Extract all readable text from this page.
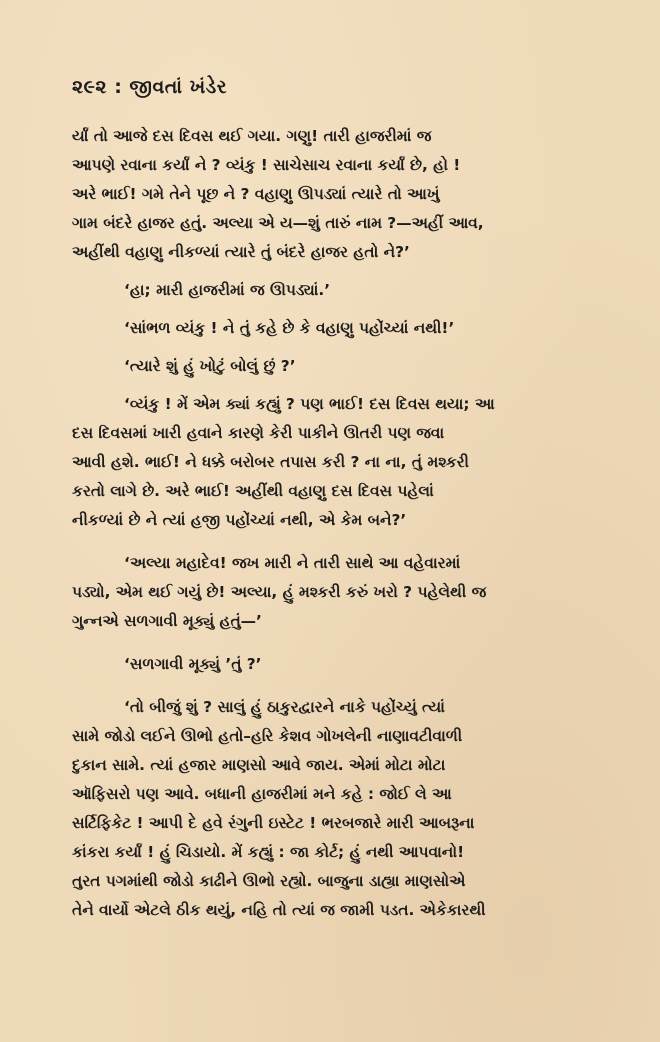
૨૯૨ : જીવતાં ખંડેર
ર્યાં તો આજે દસ દિવસ થઈ ગયા. ગણુ! તારી હાજરીમાં જ
આપણે રવાના કર્યાં ને ? વ્યંકુ ! સાચેસાચ રવાના કર્યાં છે, હો !
અરે ભાઈ! ગમે તેને પૂછ ને ? વહાણુ ઊપડ્યાં ત્યારે તો આખું
ગામ બંદરે હાજર હતું. અલ્યા એ ય—શું તારું નામ ?—અહીં આવ,
અહીંથી વહાણુ નીકળ્યાં ત્યારે તું બંદરે હાજર હતો ને?’
‘હા; મારી હાજરીમાં જ ઊપડ્યાં.’
‘સાંભળ વ્યંકુ ! ને તું કહે છે કે વહાણુ પહોંચ્યાં નથી!’
‘ત્યારે શું હું ખોટું બોલું છું ?’
‘વ્યંકુ ! મેં એમ ક્યાં કહ્યું ? પણ ભાઈ! દસ દિવસ થયા; આ
દસ દિવસમાં ખારી હવાને કારણે કેરી પાકીને ઊતરી પણ જવા
આવી હશે. ભાઈ! ને ધક્કે બરોબર તપાસ કરી ? ના ના, તું મશ્કરી
કરતો લાગે છે. અરે ભાઈ! અહીંથી વહાણુ દસ દિવસ પહેલાં
નીકળ્યાં છે ને ત્યાં હજી પહોંચ્યાં નથી, એ કેમ બને?’
‘અલ્યા મહાદેવ! જખ મારી ને તારી સાથે આ વહેવારમાં
પડ્યો, એમ થઈ ગયું છે! અલ્યા, હું મશ્કરી કરું ખરો ? પહેલેથી જ
ગુન્નએ સળગાવી મૂક્યું હતું—’
‘સળગાવી મૂક્યું ’તું ?’
‘તો બીજું શું ? સાલું હું ઠાકુરદ્વારને નાકે પહોંચ્યું ત્યાં
સામે જોડો લઈને ઊભો હતો–હરિ કેશવ ગોખલેની નાણાવટીવાળી
દુકાન સામે. ત્યાં હજાર માણસો આવે જાય. એમાં મોટા મોટા
ઑફિસરો પણ આવે. બધાની હાજરીમાં મને કહે : જોઈ લે આ
સર્ટિફિકેટ ! આપી દે હવે રંગુની ઇસ્ટેટ ! ભરબજારે મારી આબરૂના
કાંકરા કર્યાં ! હું ચિડાયો. મેં કહ્યું : જા કોર્ટ; હું નથી આપવાનો!
તુરત પગમાંથી જોડો કાઢીને ઊભો રહ્યો. બાજુના ડાહ્યા માણસોએ
તેને વાર્યો એટલે ઠીક થયું, નહિ તો ત્યાં જ જામી પડત. એકેકારથી
